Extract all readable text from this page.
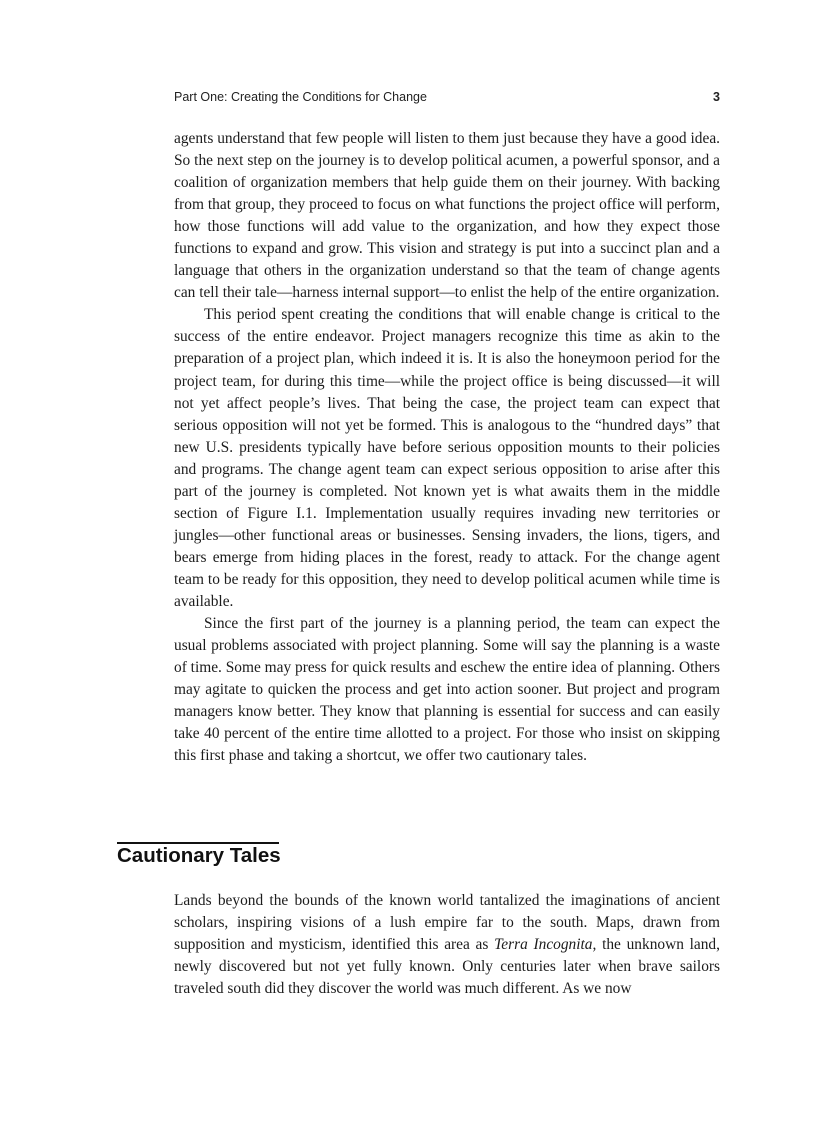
Part One: Creating the Conditions for Change	3

agents understand that few people will listen to them just because they have a good idea. So the next step on the journey is to develop political acumen, a powerful sponsor, and a coalition of organization members that help guide them on their journey. With backing from that group, they proceed to focus on what functions the project office will perform, how those functions will add value to the organization, and how they expect those functions to expand and grow. This vision and strategy is put into a succinct plan and a language that others in the organization understand so that the team of change agents can tell their tale—harness internal support—to enlist the help of the entire organization.

This period spent creating the conditions that will enable change is critical to the success of the entire endeavor. Project managers recognize this time as akin to the preparation of a project plan, which indeed it is. It is also the honeymoon period for the project team, for during this time—while the project office is being discussed—it will not yet affect people’s lives. That being the case, the project team can expect that serious opposition will not yet be formed. This is analogous to the “hundred days” that new U.S. presidents typically have before serious opposition mounts to their policies and programs. The change agent team can expect serious opposition to arise after this part of the journey is completed. Not known yet is what awaits them in the middle section of Figure I.1. Implementation usually requires invading new territories or jungles—other functional areas or businesses. Sensing invaders, the lions, tigers, and bears emerge from hiding places in the forest, ready to attack. For the change agent team to be ready for this opposition, they need to develop political acumen while time is available.

Since the first part of the journey is a planning period, the team can expect the usual problems associated with project planning. Some will say the planning is a waste of time. Some may press for quick results and eschew the entire idea of planning. Others may agitate to quicken the process and get into action sooner. But project and program managers know better. They know that planning is essential for success and can easily take 40 percent of the entire time allotted to a project. For those who insist on skipping this first phase and taking a shortcut, we offer two cautionary tales.

Cautionary Tales

Lands beyond the bounds of the known world tantalized the imaginations of ancient scholars, inspiring visions of a lush empire far to the south. Maps, drawn from supposition and mysticism, identified this area as Terra Incognita, the unknown land, newly discovered but not yet fully known. Only centuries later when brave sailors traveled south did they discover the world was much different. As we now
